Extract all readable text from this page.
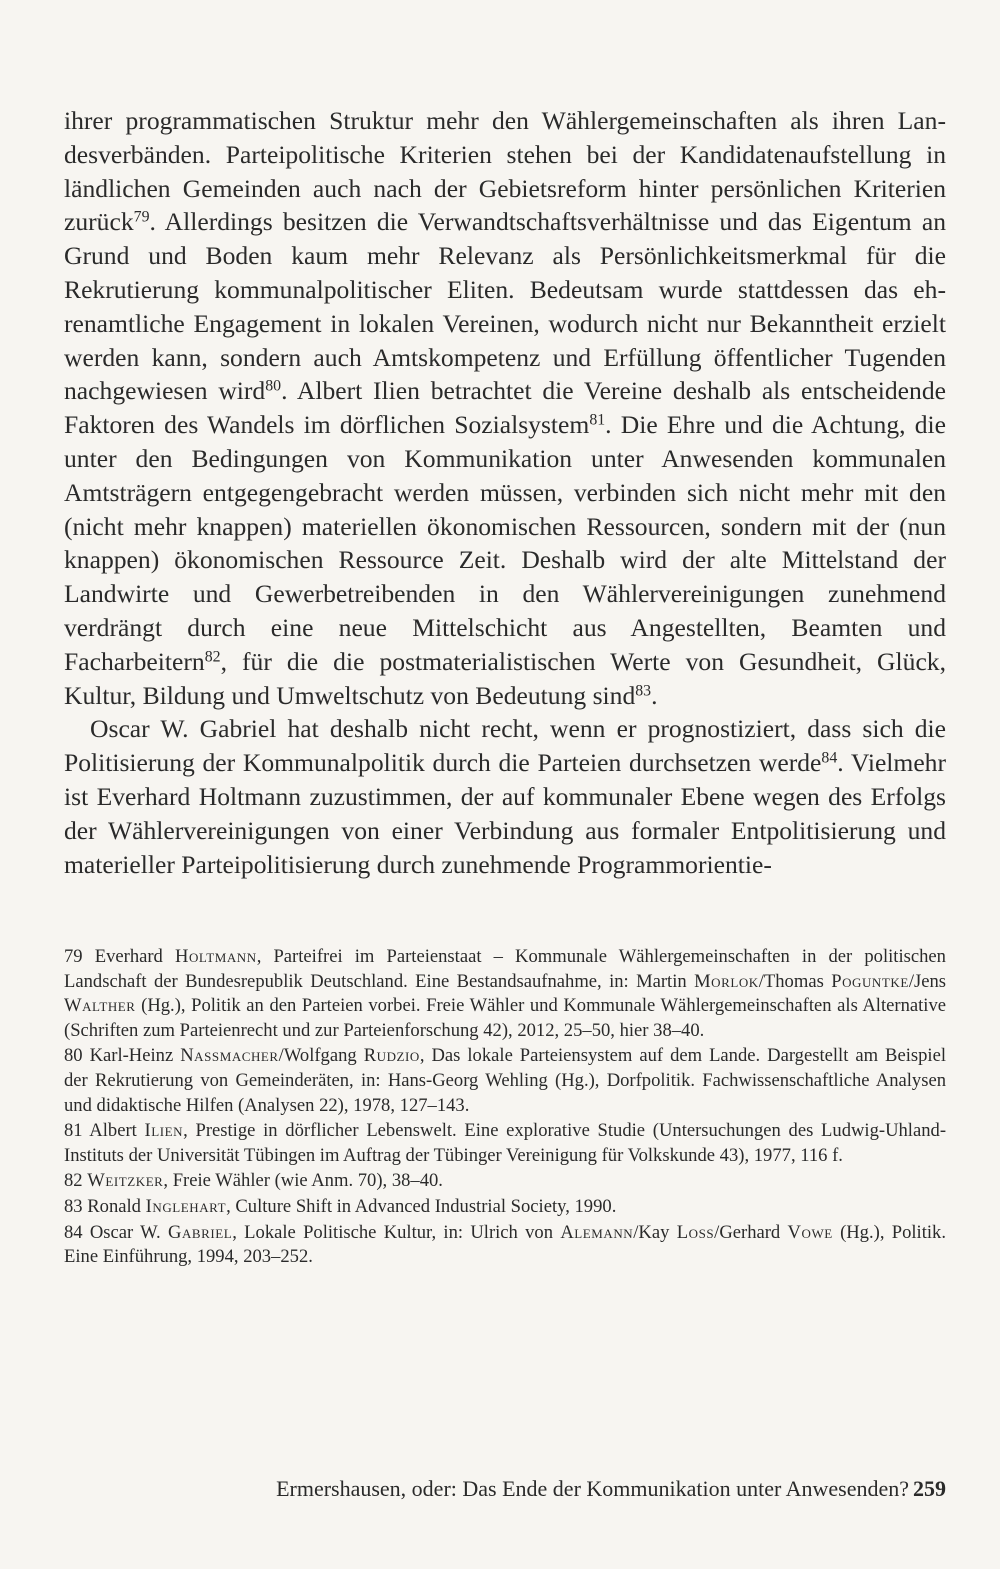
ihrer programmatischen Struktur mehr den Wählergemeinschaften als ihren Landesverbänden. Parteipolitische Kriterien stehen bei der Kandidatenaufstellung in ländlichen Gemeinden auch nach der Gebietsreform hinter persönlichen Kriterien zurück$^{79}$. Allerdings besitzen die Verwandtschaftsverhältnisse und das Eigentum an Grund und Boden kaum mehr Relevanz als Persönlichkeitsmerkmal für die Rekrutierung kommunalpolitischer Eliten. Bedeutsam wurde stattdessen das ehrenamtliche Engagement in lokalen Vereinen, wodurch nicht nur Bekanntheit erzielt werden kann, sondern auch Amtskompetenz und Erfüllung öffentlicher Tugenden nachgewiesen wird$^{80}$. Albert Ilien betrachtet die Vereine deshalb als entscheidende Faktoren des Wandels im dörflichen Sozialsystem$^{81}$. Die Ehre und die Achtung, die unter den Bedingungen von Kommunikation unter Anwesenden kommunalen Amtsträgern entgegengebracht werden müssen, verbinden sich nicht mehr mit den (nicht mehr knappen) materiellen ökonomischen Ressourcen, sondern mit der (nun knappen) ökonomischen Ressource Zeit. Deshalb wird der alte Mittelstand der Landwirte und Gewerbetreibenden in den Wählervereinigungen zunehmend verdrängt durch eine neue Mittelschicht aus Angestellten, Beamten und Facharbeitern$^{82}$, für die die postmaterialistischen Werte von Gesundheit, Glück, Kultur, Bildung und Umweltschutz von Bedeutung sind$^{83}$.

Oscar W. Gabriel hat deshalb nicht recht, wenn er prognostiziert, dass sich die Politisierung der Kommunalpolitik durch die Parteien durchsetzen werde$^{84}$. Vielmehr ist Everhard Holtmann zuzustimmen, der auf kommunaler Ebene wegen des Erfolgs der Wählervereinigungen von einer Verbindung aus formaler Entpolitisierung und materieller Parteipolitisierung durch zunehmende Programmorientie-

79 Everhard Holtmann, Parteifrei im Parteienstaat – Kommunale Wählergemeinschaften in der politischen Landschaft der Bundesrepublik Deutschland. Eine Bestandsaufnahme, in: Martin Morlok/Thomas Poguntke/Jens Walther (Hg.), Politik an den Parteien vorbei. Freie Wähler und Kommunale Wählergemeinschaften als Alternative (Schriften zum Parteienrecht und zur Parteienforschung 42), 2012, 25–50, hier 38–40.

80 Karl-Heinz Nassmacher/Wolfgang Rudzio, Das lokale Parteiensystem auf dem Lande. Dargestellt am Beispiel der Rekrutierung von Gemeinderäten, in: Hans-Georg Wehling (Hg.), Dorfpolitik. Fachwissenschaftliche Analysen und didaktische Hilfen (Analysen 22), 1978, 127–143.

81 Albert Ilien, Prestige in dörflicher Lebenswelt. Eine explorative Studie (Untersuchungen des Ludwig-Uhland-Instituts der Universität Tübingen im Auftrag der Tübinger Vereinigung für Volkskunde 43), 1977, 116 f.

82 Weitzker, Freie Wähler (wie Anm. 70), 38–40.

83 Ronald Inglehart, Culture Shift in Advanced Industrial Society, 1990.

84 Oscar W. Gabriel, Lokale Politische Kultur, in: Ulrich von Alemann/Kay Loss/Gerhard Vowe (Hg.), Politik. Eine Einführung, 1994, 203–252.

Ermershausen, oder: Das Ende der Kommunikation unter Anwesenden? 259
